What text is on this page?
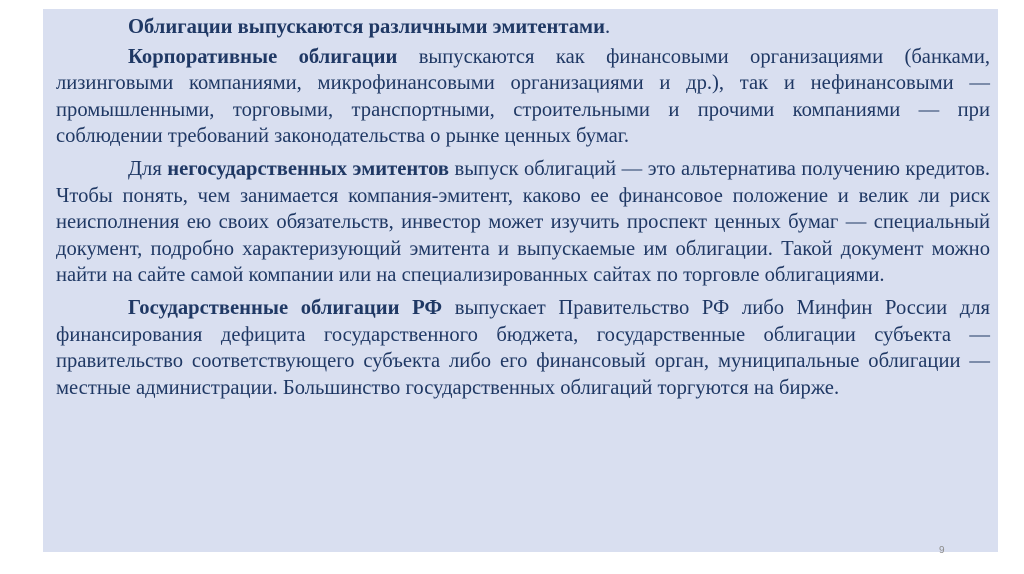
Облигации выпускаются различными эмитентами.

Корпоративные облигации выпускаются как финансовыми организациями (банками, лизинговыми компаниями, микрофинансовыми организациями и др.), так и нефинансовыми — промышленными, торговыми, транспортными, строительными и прочими компаниями — при соблюдении требований законодательства о рынке ценных бумаг.

Для негосударственных эмитентов выпуск облигаций — это альтернатива получению кредитов. Чтобы понять, чем занимается компания-эмитент, каково ее финансовое положение и велик ли риск неисполнения ею своих обязательств, инвестор может изучить проспект ценных бумаг — специальный документ, подробно характеризующий эмитента и выпускаемые им облигации. Такой документ можно найти на сайте самой компании или на специализированных сайтах по торговле облигациями.

Государственные облигации РФ выпускает Правительство РФ либо Минфин России для финансирования дефицита государственного бюджета, государственные облигации субъекта — правительство соответствующего субъекта либо его финансовый орган, муниципальные облигации — местные администрации. Большинство государственных облигаций торгуются на бирже.

9
